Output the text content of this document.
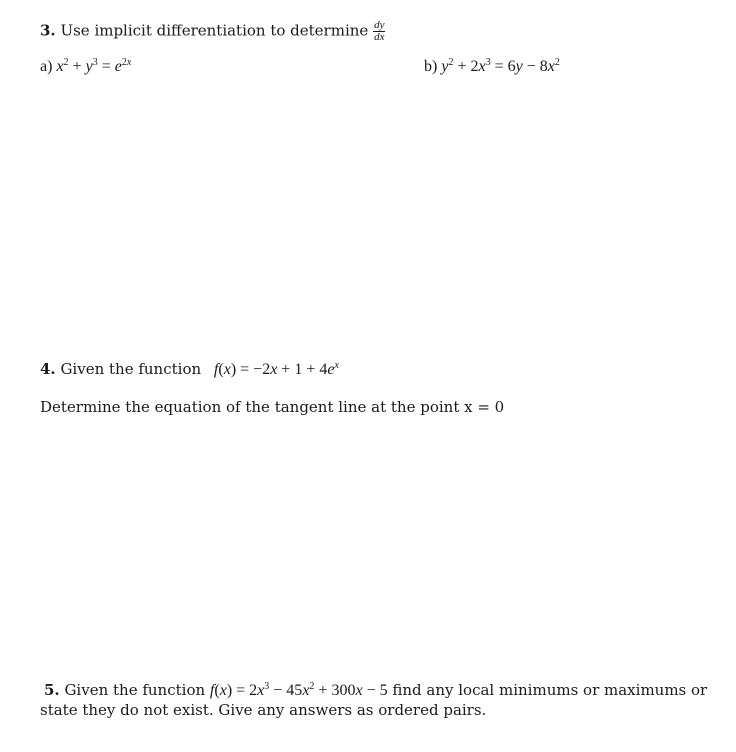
3. Use implicit differentiation to determine $\frac{dy}{dx}$
a) $x^2 + y^3 = e^{2x}$	b) $y^2 + 2x^3 = 6y - 8x^2$
4. Given the function $f(x) = -2x + 1 + 4e^x$
Determine the equation of the tangent line at the point x = 0
5. Given the function $f(x) = 2x^3 - 45x^2 + 300x - 5$ find any local minimums or maximums or
state they do not exist. Give any answers as ordered pairs.
